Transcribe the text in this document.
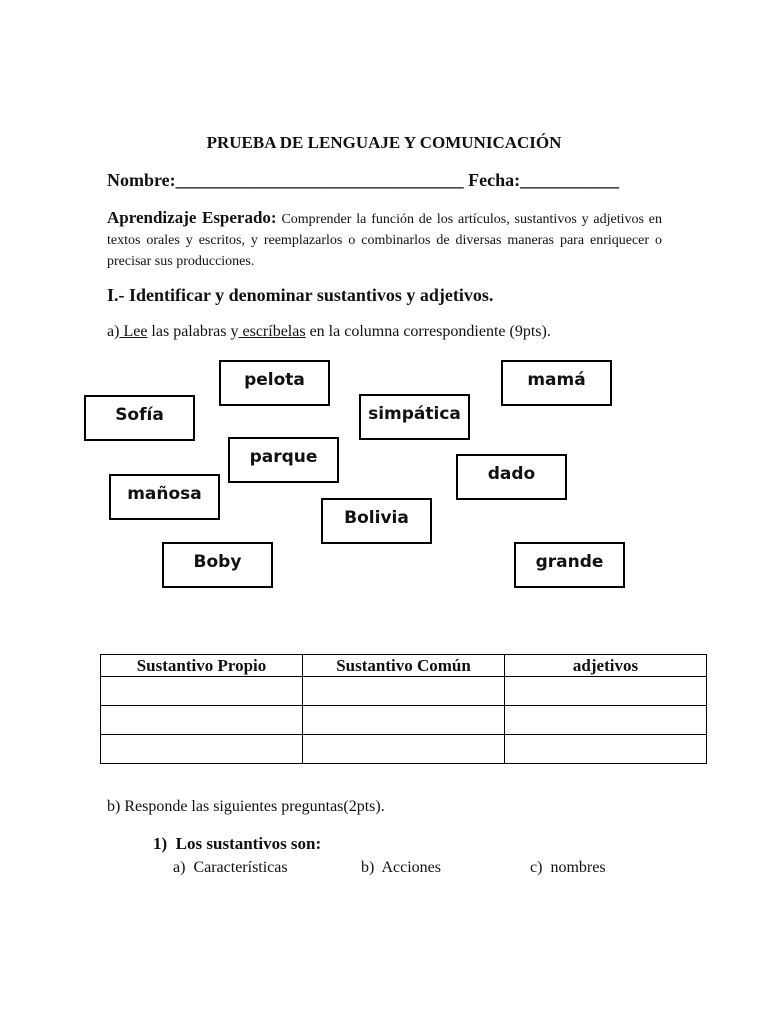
PRUEBA DE LENGUAJE Y COMUNICACIÓN
Nombre:________________________________ Fecha:___________
Aprendizaje Esperado: Comprender la función de los artículos, sustantivos y adjetivos en textos orales y escritos, y reemplazarlos o combinarlos de diversas maneras para enriquecer o precisar sus producciones.
I.- Identificar y denominar sustantivos y adjetivos.
a) Lee las palabras y escríbelas en la columna correspondiente (9pts).
pelota	mamá
Sofía	simpática
parque
dado
mañosa
Bolivia
Boby	grande
Sustantivo Propio	Sustantivo Común	adjetivos

b) Responde las siguientes preguntas(2pts).
1) Los sustantivos son:
a) Características	b) Acciones	c) nombres
